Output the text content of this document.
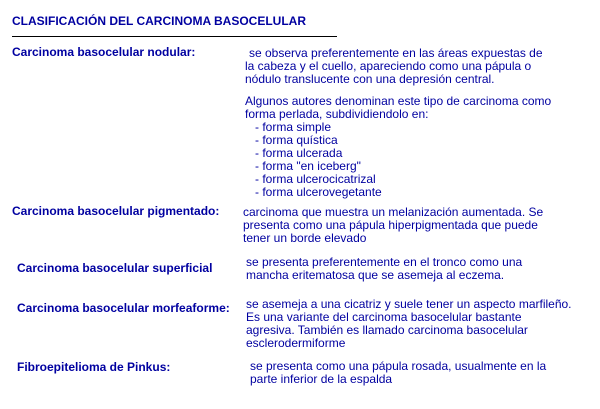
CLASIFICACIÓN DEL CARCINOMA BASOCELULAR
Carcinoma basocelular nodular:	se observa preferentemente en las áreas expuestas de

la cabeza y el cuello, apareciendo como una pápula o

nódulo translucente con una depresión central.

Algunos autores denominan este tipo de carcinoma como

forma perlada, subdividiendolo en:

- forma simple
- forma quística
- forma ulcerada
- forma "en iceberg"
- forma ulcerocicatrizal
- forma ulcerovegetante
Carcinoma basocelular pigmentado: carcinoma que muestra un melanización aumentada. Se

presenta como una pápula hiperpigmentada que puede

tener un borde elevado

Carcinoma basocelular superficial	se presenta preferentemente en el tronco como una

mancha eritematosa que se asemeja al eczema.

Carcinoma basocelular morfeaforme: se asemeja a una cicatriz y suele tener un aspecto marfileño.

Es una variante del carcinoma basocelular bastante

agresiva. También es llamado carcinoma basocelular

esclerodermiforme

Fibroepitelioma de Pinkus:	se presenta como una pápula rosada, usualmente en la

parte inferior de la espalda
